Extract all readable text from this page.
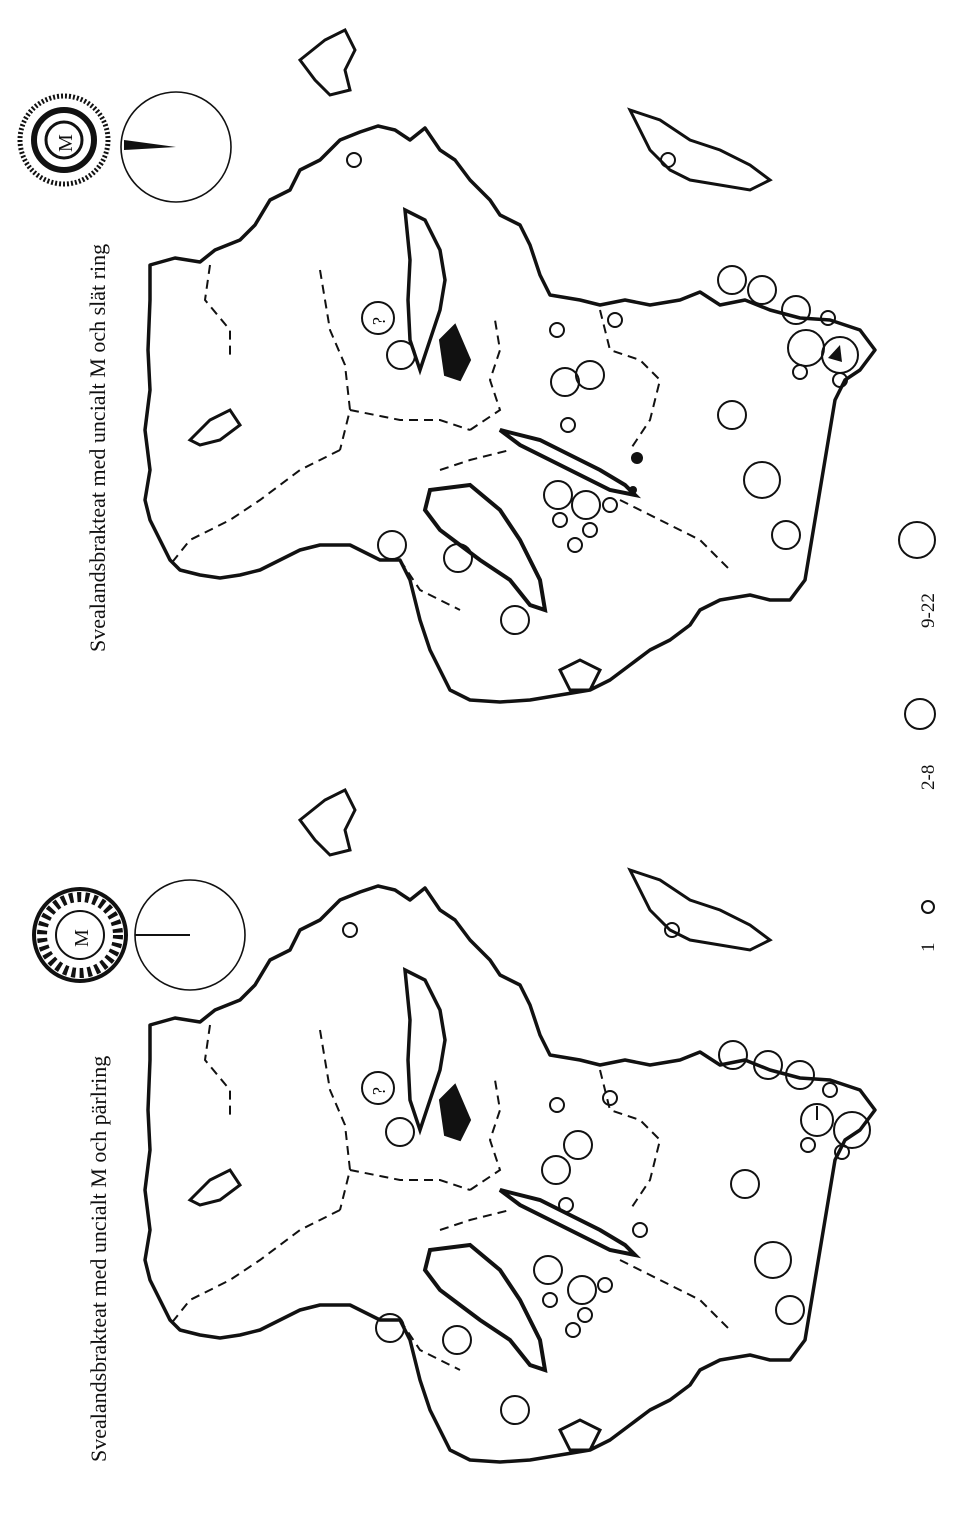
?
M
Svealandsbrakteat med uncialt M och slät ring
?
M
Svealandsbrakteat med uncialt M och pärlring
1
2-8
9-22
